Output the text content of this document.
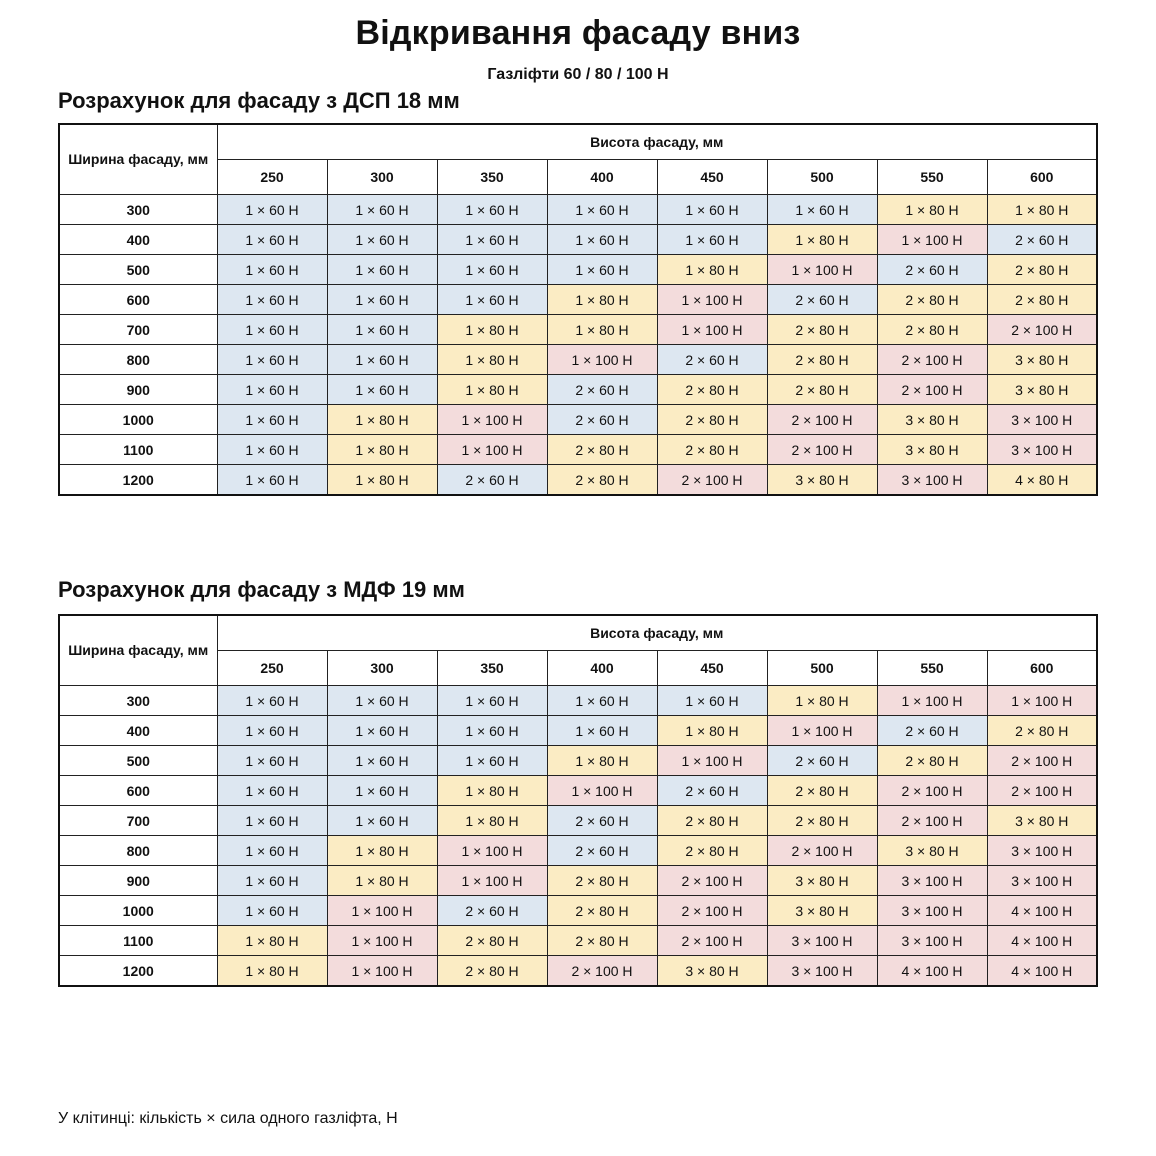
Відкривання фасаду вниз
Газліфти 60 / 80 / 100 Н
Розрахунок для фасаду з ДСП 18 мм
Ширина фасаду, мм	Висота фасаду, мм							
	250	300	350	400	450	500	550	600
300	1 × 60 Н	1 × 60 Н	1 × 60 Н	1 × 60 Н	1 × 60 Н	1 × 60 Н	1 × 80 Н	1 × 80 Н
400	1 × 60 Н	1 × 60 Н	1 × 60 Н	1 × 60 Н	1 × 60 Н	1 × 80 Н	1 × 100 Н	2 × 60 Н
500	1 × 60 Н	1 × 60 Н	1 × 60 Н	1 × 60 Н	1 × 80 Н	1 × 100 Н	2 × 60 Н	2 × 80 Н
600	1 × 60 Н	1 × 60 Н	1 × 60 Н	1 × 80 Н	1 × 100 Н	2 × 60 Н	2 × 80 Н	2 × 80 Н
700	1 × 60 Н	1 × 60 Н	1 × 80 Н	1 × 80 Н	1 × 100 Н	2 × 80 Н	2 × 80 Н	2 × 100 Н
800	1 × 60 Н	1 × 60 Н	1 × 80 Н	1 × 100 Н	2 × 60 Н	2 × 80 Н	2 × 100 Н	3 × 80 Н
900	1 × 60 Н	1 × 60 Н	1 × 80 Н	2 × 60 Н	2 × 80 Н	2 × 80 Н	2 × 100 Н	3 × 80 Н
1000	1 × 60 Н	1 × 80 Н	1 × 100 Н	2 × 60 Н	2 × 80 Н	2 × 100 Н	3 × 80 Н	3 × 100 Н
1100	1 × 60 Н	1 × 80 Н	1 × 100 Н	2 × 80 Н	2 × 80 Н	2 × 100 Н	3 × 80 Н	3 × 100 Н
1200	1 × 60 Н	1 × 80 Н	2 × 60 Н	2 × 80 Н	2 × 100 Н	3 × 80 Н	3 × 100 Н	4 × 80 Н
Розрахунок для фасаду з МДФ 19 мм
Ширина фасаду, мм	Висота фасаду, мм							
	250	300	350	400	450	500	550	600
300	1 × 60 Н	1 × 60 Н	1 × 60 Н	1 × 60 Н	1 × 60 Н	1 × 80 Н	1 × 100 Н	1 × 100 Н
400	1 × 60 Н	1 × 60 Н	1 × 60 Н	1 × 60 Н	1 × 80 Н	1 × 100 Н	2 × 60 Н	2 × 80 Н
500	1 × 60 Н	1 × 60 Н	1 × 60 Н	1 × 80 Н	1 × 100 Н	2 × 60 Н	2 × 80 Н	2 × 100 Н
600	1 × 60 Н	1 × 60 Н	1 × 80 Н	1 × 100 Н	2 × 60 Н	2 × 80 Н	2 × 100 Н	2 × 100 Н
700	1 × 60 Н	1 × 60 Н	1 × 80 Н	2 × 60 Н	2 × 80 Н	2 × 80 Н	2 × 100 Н	3 × 80 Н
800	1 × 60 Н	1 × 80 Н	1 × 100 Н	2 × 60 Н	2 × 80 Н	2 × 100 Н	3 × 80 Н	3 × 100 Н
900	1 × 60 Н	1 × 80 Н	1 × 100 Н	2 × 80 Н	2 × 100 Н	3 × 80 Н	3 × 100 Н	3 × 100 Н
1000	1 × 60 Н	1 × 100 Н	2 × 60 Н	2 × 80 Н	2 × 100 Н	3 × 80 Н	3 × 100 Н	4 × 100 Н
1100	1 × 80 Н	1 × 100 Н	2 × 80 Н	2 × 80 Н	2 × 100 Н	3 × 100 Н	3 × 100 Н	4 × 100 Н
1200	1 × 80 Н	1 × 100 Н	2 × 80 Н	2 × 100 Н	3 × 80 Н	3 × 100 Н	4 × 100 Н	4 × 100 Н
У клітинці: кількість × сила одного газліфта, Н
